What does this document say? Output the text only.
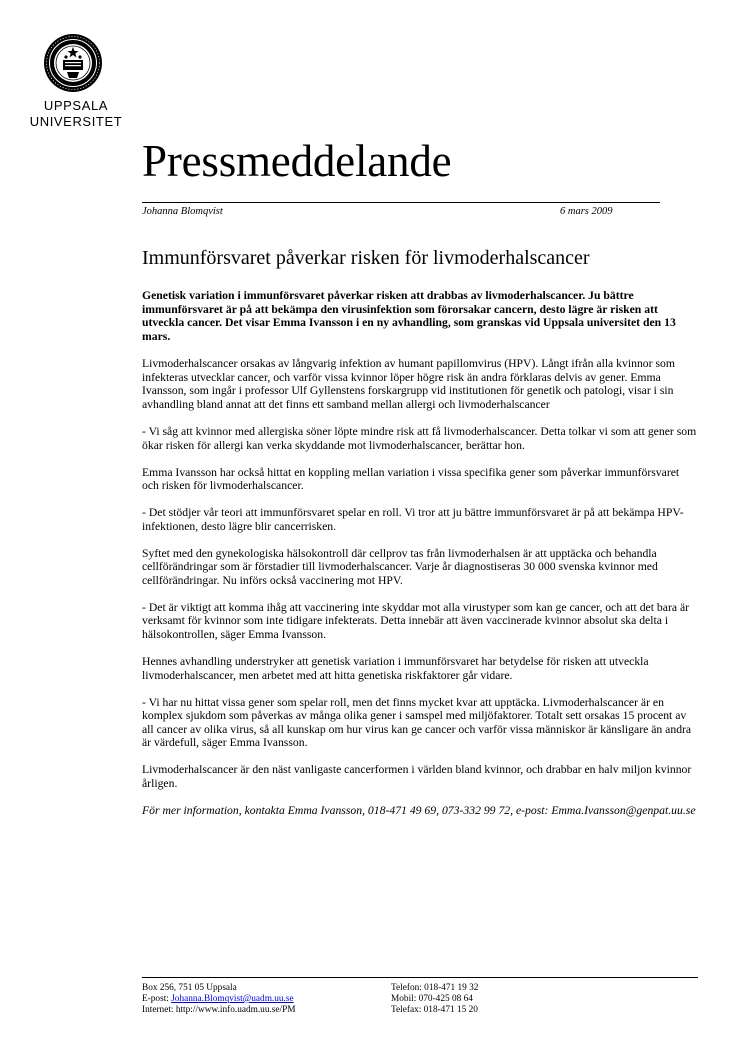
UPPSALA
UNIVERSITET
Pressmeddelande
Johanna Blomqvist	6 mars 2009
Immunförsvaret påverkar risken för livmoderhalscancer

Genetisk variation i immunförsvaret påverkar risken att drabbas av livmoderhalscancer. Ju bättre immunförsvaret är på att bekämpa den virusinfektion som förorsakar cancern, desto lägre är risken att utveckla cancer. Det visar Emma Ivansson i en ny avhandling, som granskas vid Uppsala universitet den 13 mars.

Livmoderhalscancer orsakas av långvarig infektion av humant papillomvirus (HPV). Långt ifrån alla kvinnor som infekteras utvecklar cancer, och varför vissa kvinnor löper högre risk än andra förklaras delvis av gener. Emma Ivansson, som ingår i professor Ulf Gyllenstens forskargrupp vid institutionen för genetik och patologi, visar i sin avhandling bland annat att det finns ett samband mellan allergi och livmoderhalscancer

- Vi såg att kvinnor med allergiska söner löpte mindre risk att få livmoderhalscancer. Detta tolkar vi som att gener som ökar risken för allergi kan verka skyddande mot livmoderhalscancer, berättar hon.

Emma Ivansson har också hittat en koppling mellan variation i vissa specifika gener som påverkar immunförsvaret och risken för livmoderhalscancer.

- Det stödjer vår teori att immunförsvaret spelar en roll. Vi tror att ju bättre immunförsvaret är på att bekämpa HPV-infektionen, desto lägre blir cancerrisken.

Syftet med den gynekologiska hälsokontroll där cellprov tas från livmoderhalsen är att upptäcka och behandla cellförändringar som är förstadier till livmoderhalscancer. Varje år diagnostiseras 30 000 svenska kvinnor med cellförändringar. Nu införs också vaccinering mot HPV.

- Det är viktigt att komma ihåg att vaccinering inte skyddar mot alla virustyper som kan ge cancer, och att det bara är verksamt för kvinnor som inte tidigare infekterats. Detta innebär att även vaccinerade kvinnor absolut ska delta i hälsokontrollen, säger Emma Ivansson.

Hennes avhandling understryker att genetisk variation i immunförsvaret har betydelse för risken att utveckla livmoderhalscancer, men arbetet med att hitta genetiska riskfaktorer går vidare.

- Vi har nu hittat vissa gener som spelar roll, men det finns mycket kvar att upptäcka. Livmoderhalscancer är en komplex sjukdom som påverkas av många olika gener i samspel med miljöfaktorer. Totalt sett orsakas 15 procent av all cancer av olika virus, så all kunskap om hur virus kan ge cancer och varför vissa människor är känsligare än andra är värdefull, säger Emma Ivansson.

Livmoderhalscancer är den näst vanligaste cancerformen i världen bland kvinnor, och drabbar en halv miljon kvinnor årligen.

För mer information, kontakta Emma Ivansson, 018-471 49 69, 073-332 99 72, e-post: Emma.Ivansson@genpat.uu.se

Box 256, 751 05 Uppsala
E-post: Johanna.Blomqvist@uadm.uu.se
Internet: http://www.info.uadm.uu.se/PM
Telefon: 018-471 19 32
Mobil: 070-425 08 64
Telefax: 018-471 15 20
